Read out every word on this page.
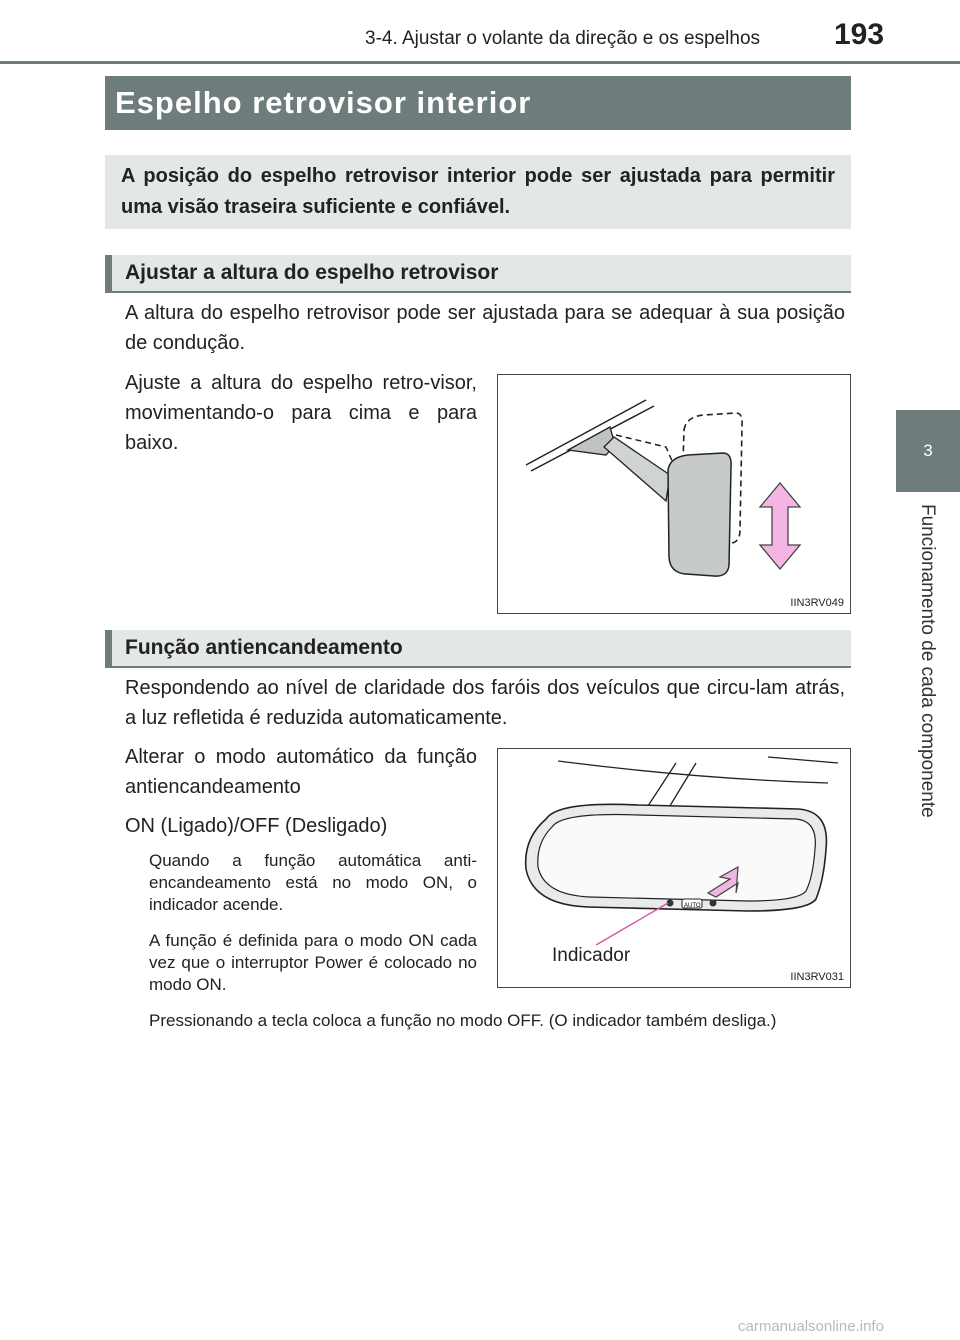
3-4. Ajustar o volante da direção e os espelhos 193
3
Funcionamento de cada componente
Espelho retrovisor interior
A posição do espelho retrovisor interior pode ser ajustada para permitir uma visão traseira suficiente e confiável.
Ajustar a altura do espelho retrovisor
A altura do espelho retrovisor pode ser ajustada para se adequar à sua posição de condução.
Ajuste a altura do espelho retro-visor, movimentando-o para cima e para baixo.
IIN3RV049
Função antiencandeamento
Respondendo ao nível de claridade dos faróis dos veículos que circu-lam atrás, a luz refletida é reduzida automaticamente.
Alterar o modo automático da função antiencandeamento
ON (Ligado)/OFF (Desligado)
Quando a função automática anti-encandeamento está no modo ON, o indicador acende.
A função é definida para o modo ON cada vez que o interruptor Power é colocado no modo ON.
Pressionando a tecla coloca a função no modo OFF. (O indicador também desliga.)
AUTO
Indicador
IIN3RV031
carmanualsonline.info
